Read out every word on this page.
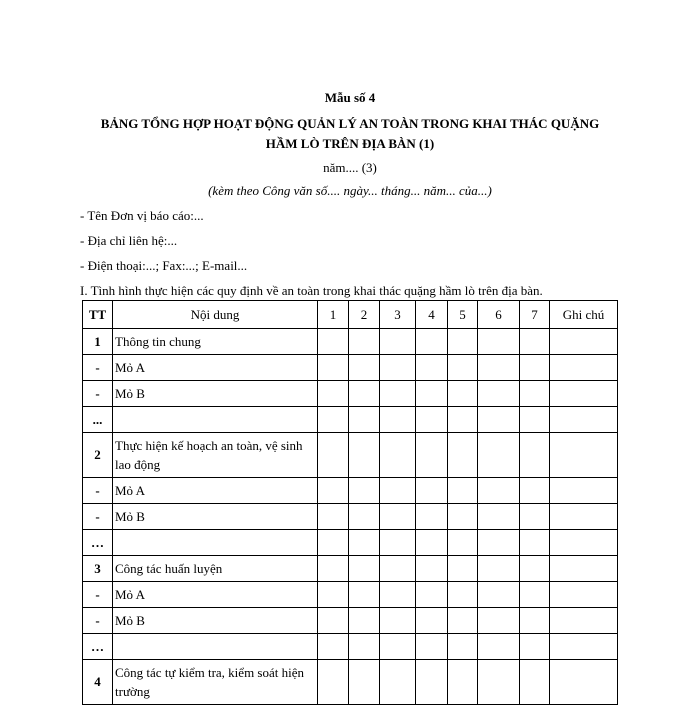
Mẫu số 4
BẢNG TỔNG HỢP HOẠT ĐỘNG QUẢN LÝ AN TOÀN TRONG KHAI THÁC QUẶNG
HẦM LÒ TRÊN ĐỊA BÀN (1)
năm.... (3)
(kèm theo Công văn số.... ngày... tháng... năm... của...)
- Tên Đơn vị báo cáo:...
- Địa chỉ liên hệ:...
- Điện thoại:...; Fax:...; E-mail...
I. Tình hình thực hiện các quy định về an toàn trong khai thác quặng hầm lò trên địa bàn.
TT	Nội dung	1	2	3	4	5	6	7	Ghi chú
1	Thông tin chung								
-	Mỏ A								
-	Mỏ B								
...									
2	Thực hiện kế hoạch an toàn, vệ sinh lao động								
-	Mỏ A								
-	Mỏ B								
…									
3	Công tác huấn luyện								
-	Mỏ A								
-	Mỏ B								
…									
4	Công tác tự kiểm tra, kiểm soát hiện trường								
